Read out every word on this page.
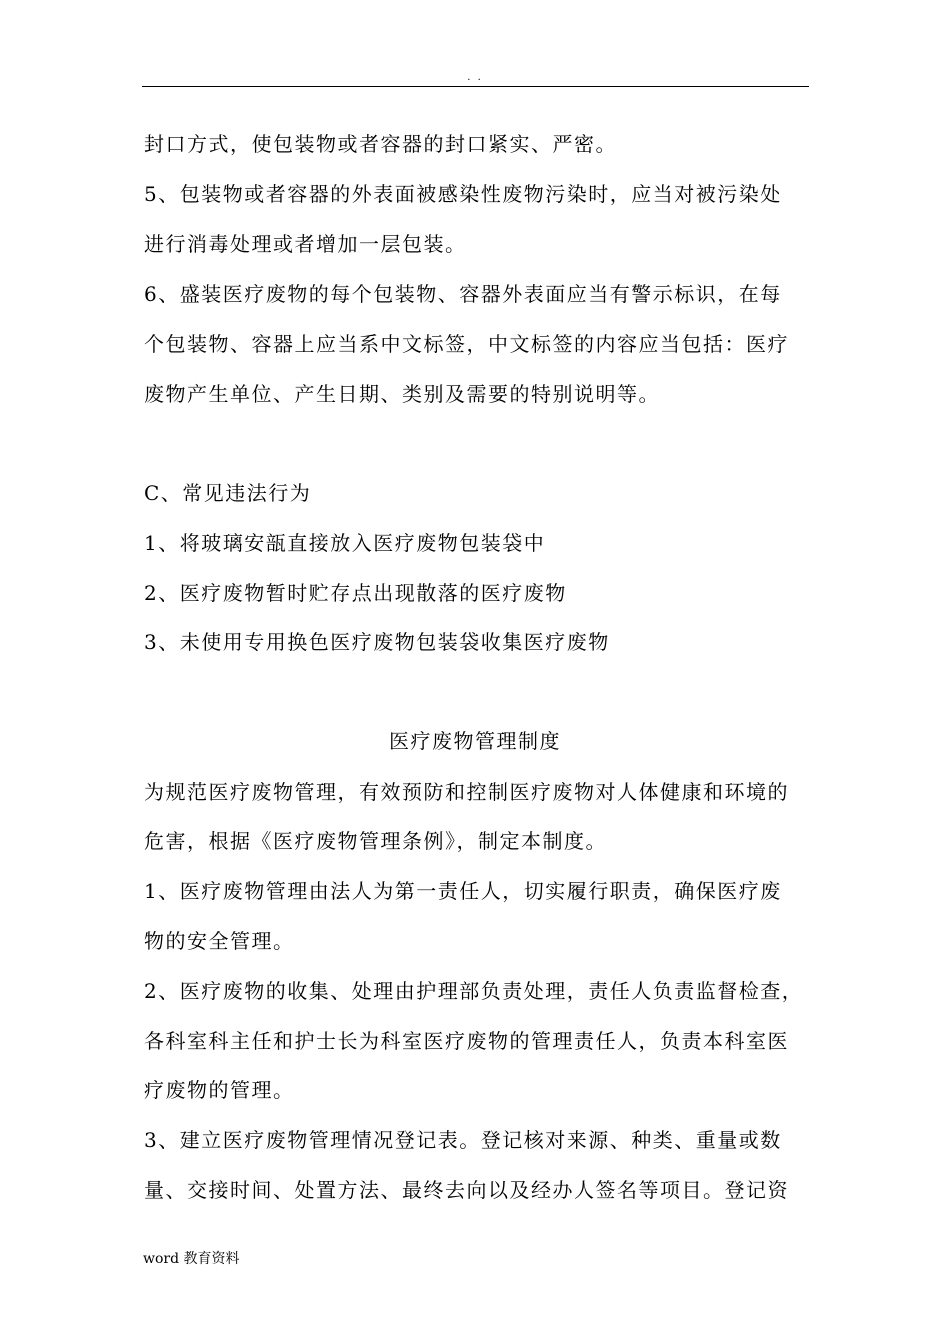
. .
封口方式，使包装物或者容器的封口紧实、严密。
5、包装物或者容器的外表面被感染性废物污染时，应当对被污染处
进行消毒处理或者增加一层包装。
6、盛装医疗废物的每个包装物、容器外表面应当有警示标识，在每
个包装物、容器上应当系中文标签，中文标签的内容应当包括：医疗
废物产生单位、产生日期、类别及需要的特别说明等。
C、常见违法行为
1、将玻璃安瓿直接放入医疗废物包装袋中
2、医疗废物暂时贮存点出现散落的医疗废物
3、未使用专用换色医疗废物包装袋收集医疗废物
医疗废物管理制度
为规范医疗废物管理，有效预防和控制医疗废物对人体健康和环境的
危害，根据《医疗废物管理条例》，制定本制度。
1、医疗废物管理由法人为第一责任人，切实履行职责，确保医疗废
物的安全管理。
2、医疗废物的收集、处理由护理部负责处理，责任人负责监督检查，
各科室科主任和护士长为科室医疗废物的管理责任人，负责本科室医
疗废物的管理。
3、建立医疗废物管理情况登记表。登记核对来源、种类、重量或数
量、交接时间、处置方法、最终去向以及经办人签名等项目。登记资
word 教育资料
